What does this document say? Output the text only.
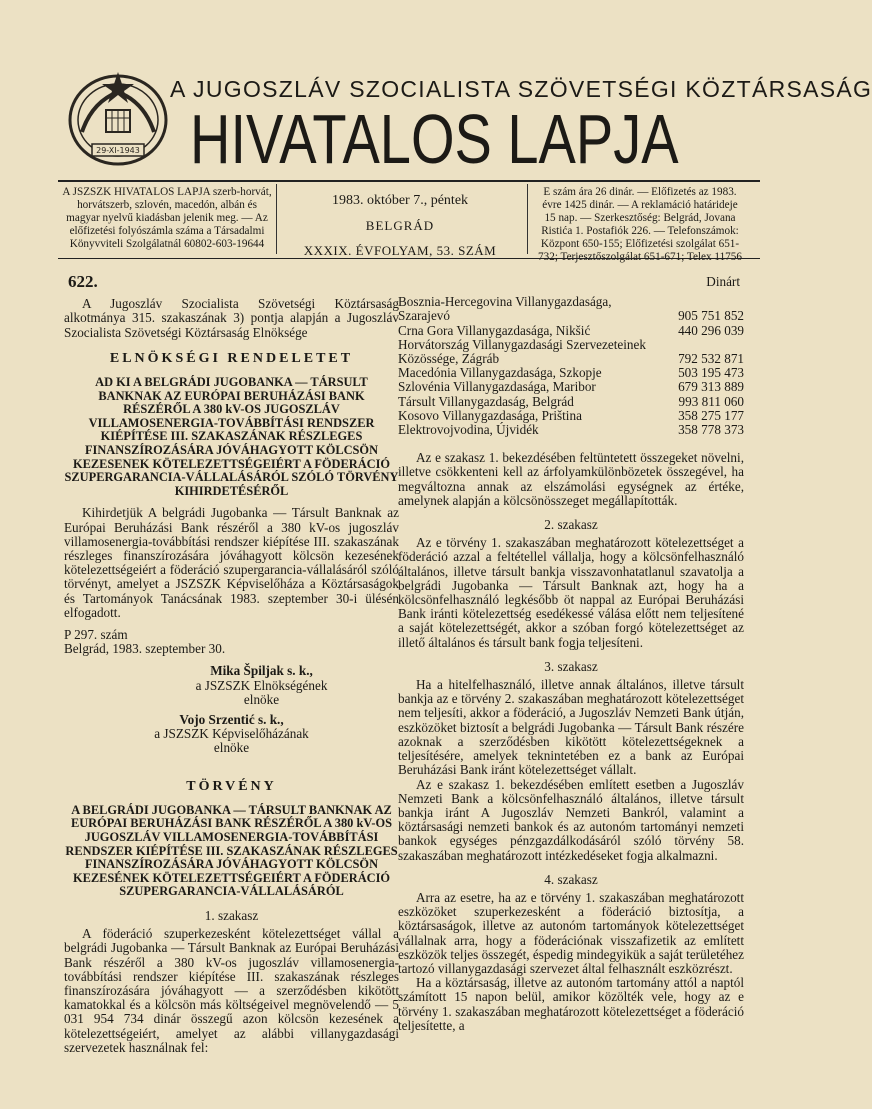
29-XI-1943
A JUGOSZLÁV SZOCIALISTA SZÖVETSÉGI KÖZTÁRSASÁG
HIVATALOS LAPJA
A JSZSZK HIVATALOS LAPJA szerb-horvát, horvátszerb, szlovén, macedón, albán és magyar nyelvű kiadásban jelenik meg. — Az előfizetési folyószámla száma a Társadalmi Könyvviteli Szolgálatnál 60802-603-19644
1983. október 7., péntek
BELGRÁD
XXXIX. ÉVFOLYAM, 53. SZÁM
E szám ára 26 dinár. — Előfizetés az 1983. évre 1425 dinár. — A reklamáció határideje 15 nap. — Szerkesztőség: Belgrád, Jovana Ristića 1. Postafiók 226. — Telefonszámok: Központ 650-155; Előfizetési szolgálat 651-732; Terjesztőszolgálat 651-671; Telex 11756
622.

A Jugoszláv Szocialista Szövetségi Köztársaság alkotmánya 315. szakaszának 3) pontja alapján a Jugoszláv Szocialista Szövetségi Köztársaság Elnöksége

ELNÖKSÉGI RENDELETET
AD KI A BELGRÁDI JUGOBANKA — TÁRSULT BANKNAK AZ EURÓPAI BERUHÁZÁSI BANK RÉSZÉRŐL A 380 kV-OS JUGOSZLÁV VILLAMOSENERGIA-TOVÁBBÍTÁSI RENDSZER KIÉPÍTÉSE III. SZAKASZÁNAK RÉSZLEGES FINANSZÍROZÁSÁRA JÓVÁHAGYOTT KÖLCSÖN KEZESENEK KÖTELEZETTSÉGEIÉRT A FÖDERÁCIÓ SZUPERGARANCIA-VÁLLALÁSÁRÓL SZÓLÓ TÖRVÉNY KIHIRDETÉSÉRŐL

Kihirdetjük A belgrádi Jugobanka — Társult Banknak az Európai Beruházási Bank részéről a 380 kV-os jugoszláv villamosenergia-továbbítási rendszer kiépítése III. szakaszának részleges finanszírozására jóváhagyott kölcsön kezesének kötelezettségeiért a föderáció szupergarancia-vállalásáról szóló törvényt, amelyet a JSZSZK Képviselőháza a Köztársaságok és Tartományok Tanácsának 1983. szeptember 30-i ülésén elfogadott.

P 297. szám
Belgrád, 1983. szeptember 30.
Mika Špiljak s. k.,
a JSZSZK Elnökségének
elnöke
Vojo Srzentić s. k.,
a JSZSZK Képviselőházának
elnöke
TÖRVÉNY
A BELGRÁDI JUGOBANKA — TÁRSULT BANKNAK AZ EURÓPAI BERUHÁZÁSI BANK RÉSZÉRŐL A 380 kV-OS JUGOSZLÁV VILLAMOSENERGIA-TOVÁBBÍTÁSI RENDSZER KIÉPÍTÉSE III. SZAKASZÁNAK RÉSZLEGES FINANSZÍROZÁSÁRA JÓVÁHAGYOTT KÖLCSÖN KEZESÉNEK KÖTELEZETTSÉGEIÉRT A FÖDERÁCIÓ SZUPERGARANCIA-VÁLLALÁSÁRÓL
1. szakasz

A föderáció szuperkezesként kötelezettséget vállal a belgrádi Jugobanka — Társult Banknak az Európai Beruházási Bank részéről a 380 kV-os jugoszláv villamosenergia-továbbítási rendszer kiépítése III. szakaszának részleges finanszírozására jóváhagyott — a szerződésben kikötött kamatokkal és a kölcsön más költségeivel megnövelendő — 5 031 954 734 dinár összegű azon kölcsön kezesének a kötelezettségeiért, amelyet az alábbi villanygazdasági szervezetek használnak fel:

Dinárt
Bosznia-Hercegovina Villanygazdasága, Szarajevó	905 751 852
Crna Gora Villanygazdasága, Nikšić	440 296 039
Horvátország Villanygazdasági Szervezeteinek Közössége, Zágráb	792 532 871
Macedónia Villanygazdasága, Szkopje	503 195 473
Szlovénia Villanygazdasága, Maribor	679 313 889
Társult Villanygazdaság, Belgrád	993 811 060
Kosovo Villanygazdasága, Priština	358 275 177
Elektrovojvodina, Újvidék	358 778 373

Az e szakasz 1. bekezdésében feltüntetett összegeket növelni, illetve csökkenteni kell az árfolyamkülönbözetek összegével, ha megváltozna annak az elszámolási egységnek az értéke, amelynek alapján a kölcsönösszeget megállapították.

2. szakasz

Az e törvény 1. szakaszában meghatározott kötelezettséget a föderáció azzal a feltétellel vállalja, hogy a kölcsönfelhasználó általános, illetve társult bankja visszavonhatatlanul szavatolja a belgrádi Jugobanka — Társult Banknak azt, hogy ha a kölcsönfelhasználó legkésőbb öt nappal az Európai Beruházási Bank iránti kötelezettség esedékessé válása előtt nem teljesítené a saját kötelezettségét, akkor a szóban forgó kötelezettséget az illető általános és társult bank fogja teljesíteni.

3. szakasz

Ha a hitelfelhasználó, illetve annak általános, illetve társult bankja az e törvény 2. szakaszában meghatározott kötelezettséget nem teljesíti, akkor a föderáció, a Jugoszláv Nemzeti Bank útján, eszközöket biztosít a belgrádi Jugobanka — Társult Bank részére azoknak a szerződésben kikötött kötelezettségeknek a teljesítésére, amelyek teknintetében ez a bank az Európai Beruházási Bank iránt kötelezettséget vállalt.

Az e szakasz 1. bekezdésében említett esetben a Jugoszláv Nemzeti Bank a kölcsönfelhasználó általános, illetve társult bankja iránt A Jugoszláv Nemzeti Bankról, valamint a köztársasági nemzeti bankok és az autonóm tartományi nemzeti bankok egységes pénzgazdálkodásáról szóló törvény 58. szakaszában meghatározott intézkedéseket fogja alkalmazni.

4. szakasz

Arra az esetre, ha az e törvény 1. szakaszában meghatározott eszközöket szuperkezesként a föderáció biztosítja, a köztársaságok, illetve az autonóm tartományok kötelezettséget vállalnak arra, hogy a föderációnak visszafizetik az említett eszközök teljes összegét, éspedig mindegyikük a saját területéhez tartozó villanygazdasági szervezet által felhasznált eszközrészt.

Ha a köztársaság, illetve az autonóm tartomány attól a naptól számított 15 napon belül, amikor közölték vele, hogy az e törvény 1. szakaszában meghatározott kötelezettséget a föderáció teljesítette, a
